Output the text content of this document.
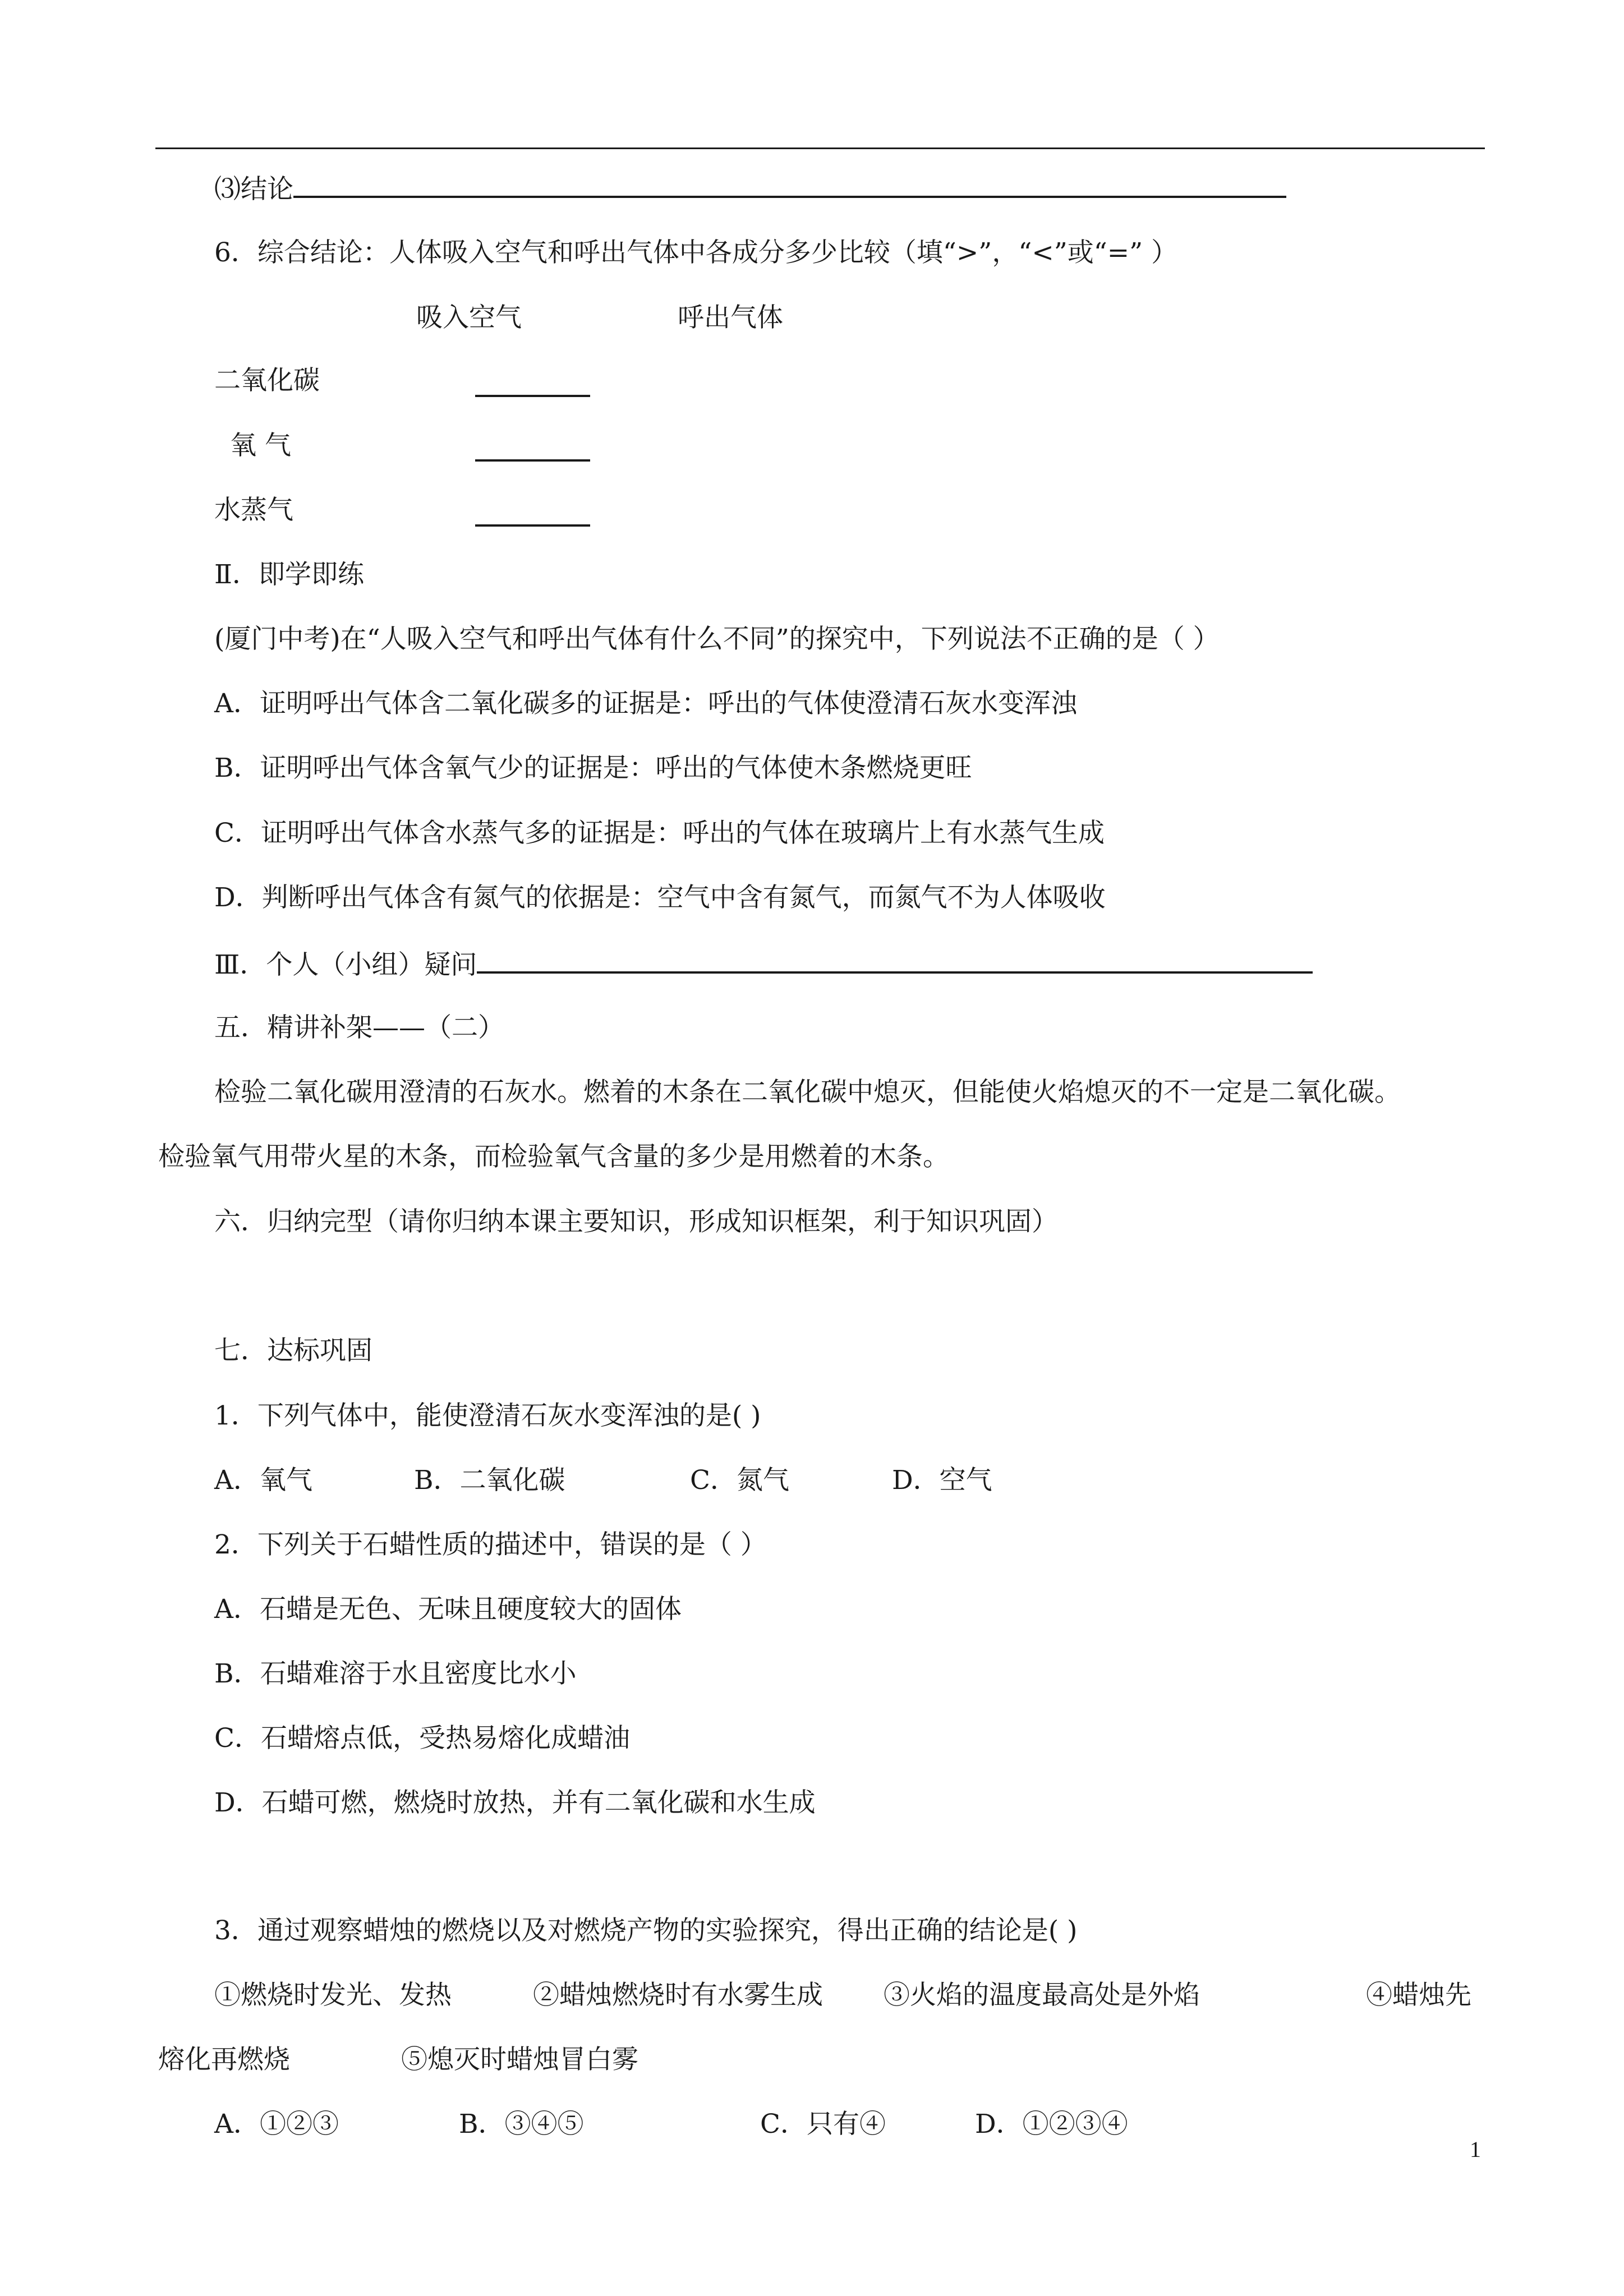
⑶结论
6．综合结论：人体吸入空气和呼出气体中各成分多少比较（填“>”，“<”或“=” ）
吸入空气	呼出气体
二氧化碳
氧 气
水蒸气
Ⅱ．即学即练
(厦门中考)在“人吸入空气和呼出气体有什么不同”的探究中，下列说法不正确的是（ ）
A．证明呼出气体含二氧化碳多的证据是：呼出的气体使澄清石灰水变浑浊
B．证明呼出气体含氧气少的证据是：呼出的气体使木条燃烧更旺
C．证明呼出气体含水蒸气多的证据是：呼出的气体在玻璃片上有水蒸气生成
D．判断呼出气体含有氮气的依据是：空气中含有氮气，而氮气不为人体吸收
Ⅲ．个人（小组）疑问
五．精讲补架——（二）
检验二氧化碳用澄清的石灰水。燃着的木条在二氧化碳中熄灭，但能使火焰熄灭的不一定是二氧化碳。
检验氧气用带火星的木条，而检验氧气含量的多少是用燃着的木条。
六．归纳完型（请你归纳本课主要知识，形成知识框架，利于知识巩固）
七．达标巩固
1．下列气体中，能使澄清石灰水变浑浊的是( )
A．氧气	B．二氧化碳	C．氮气	D．空气
2．下列关于石蜡性质的描述中，错误的是（ ）
A．石蜡是无色、无味且硬度较大的固体
B．石蜡难溶于水且密度比水小
C．石蜡熔点低，受热易熔化成蜡油
D．石蜡可燃，燃烧时放热，并有二氧化碳和水生成
3．通过观察蜡烛的燃烧以及对燃烧产物的实验探究，得出正确的结论是( )
①燃烧时发光、发热	②蜡烛燃烧时有水雾生成 ③火焰的温度最高处是外焰	④蜡烛先
熔化再燃烧	⑤熄灭时蜡烛冒白雾
A．①②③	B．③④⑤	C．只有④	D．①②③④
1
